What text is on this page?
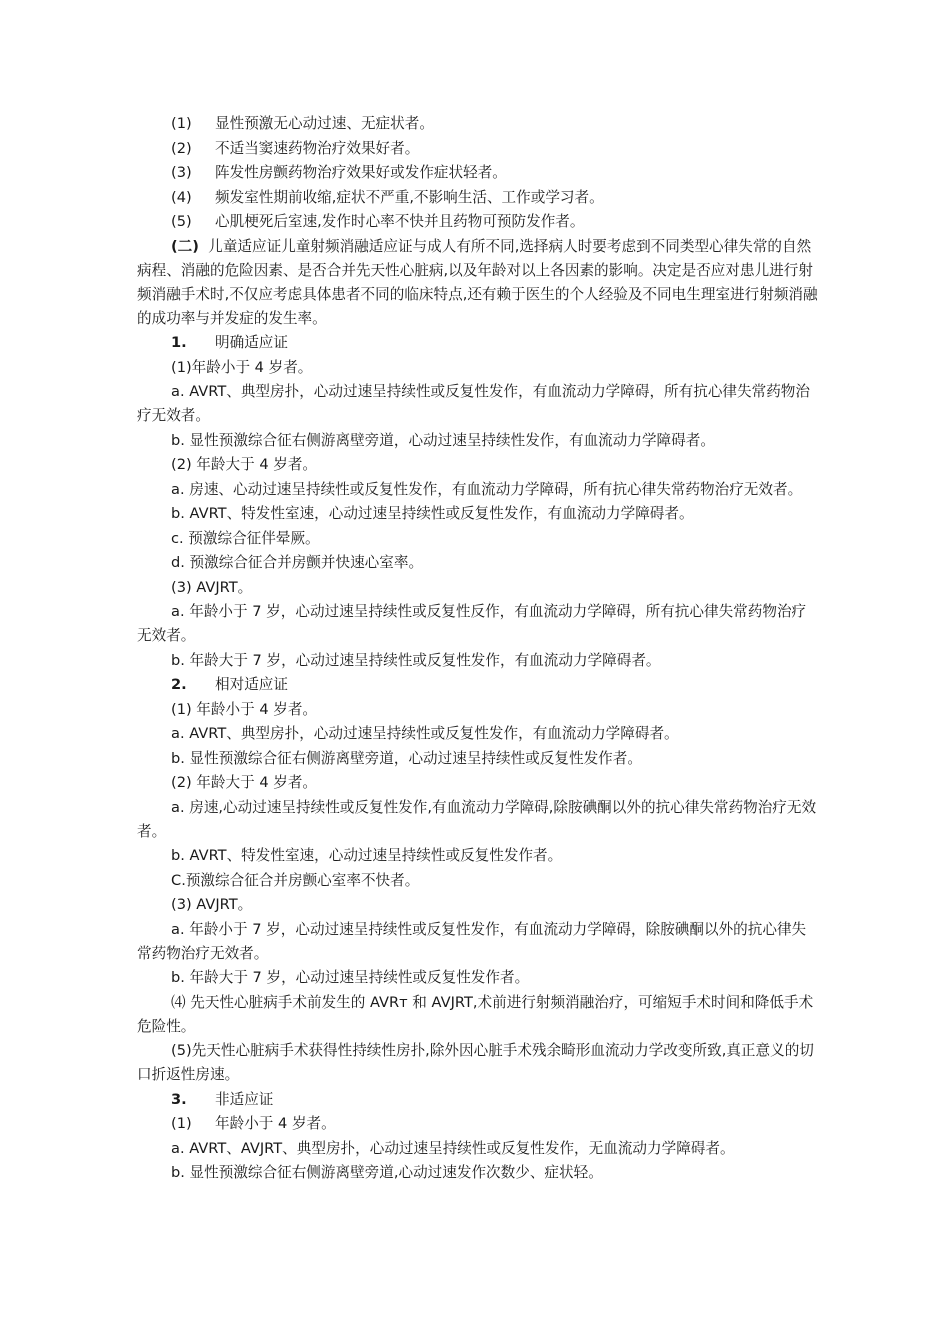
(1) 显性预激无心动过速、无症状者。

(2) 不适当窦速药物治疗效果好者。

(3) 阵发性房颤药物治疗效果好或发作症状轻者。

(4) 频发室性期前收缩,症状不严重,不影响生活、工作或学习者。

(5) 心肌梗死后室速,发作时心率不快并且药物可预防发作者。

(二) 儿童适应证儿童射频消融适应证与成人有所不同,选择病人时要考虑到不同类型心律失常的自然病程、消融的危险因素、是否合并先天性心脏病,以及年龄对以上各因素的影响。决定是否应对患儿进行射频消融手术时,不仅应考虑具体患者不同的临床特点,还有赖于医生的个人经验及不同电生理室进行射频消融的成功率与并发症的发生率。

1. 明确适应证

(1)年龄小于 4 岁者。

a. AVRT、典型房扑，心动过速呈持续性或反复性发作，有血流动力学障碍，所有抗心律失常药物治疗无效者。

b. 显性预激综合征右侧游离壁旁道，心动过速呈持续性发作，有血流动力学障碍者。

(2) 年龄大于 4 岁者。

a. 房速、心动过速呈持续性或反复性发作，有血流动力学障碍，所有抗心律失常药物治疗无效者。

b. AVRT、特发性室速，心动过速呈持续性或反复性发作，有血流动力学障碍者。

c. 预激综合征伴晕厥。

d. 预激综合征合并房颤并快速心室率。

(3) AVJRT。

a. 年龄小于 7 岁，心动过速呈持续性或反复性反作，有血流动力学障碍，所有抗心律失常药物治疗无效者。

b. 年龄大于 7 岁，心动过速呈持续性或反复性发作，有血流动力学障碍者。

2. 相对适应证

(1) 年龄小于 4 岁者。

a. AVRT、典型房扑，心动过速呈持续性或反复性发作，有血流动力学障碍者。

b. 显性预激综合征右侧游离壁旁道，心动过速呈持续性或反复性发作者。

(2) 年龄大于 4 岁者。

a. 房速,心动过速呈持续性或反复性发作,有血流动力学障碍,除胺碘酮以外的抗心律失常药物治疗无效者。

b. AVRT、特发性室速，心动过速呈持续性或反复性发作者。

C.预激综合征合并房颤心室率不快者。

(3) AVJRT。

a. 年龄小于 7 岁，心动过速呈持续性或反复性发作，有血流动力学障碍，除胺碘酮以外的抗心律失常药物治疗无效者。

b. 年龄大于 7 岁，心动过速呈持续性或反复性发作者。

⑷ 先天性心脏病手术前发生的 AVRт 和 AVJRT,术前进行射频消融治疗，可缩短手术时间和降低手术危险性。

(5)先天性心脏病手术获得性持续性房扑,除外因心脏手术残余畸形血流动力学改变所致,真正意义的切口折返性房速。

3. 非适应证

(1) 年龄小于 4 岁者。

a. AVRT、AVJRT、典型房扑，心动过速呈持续性或反复性发作，无血流动力学障碍者。

b. 显性预激综合征右侧游离壁旁道,心动过速发作次数少、症状轻。
